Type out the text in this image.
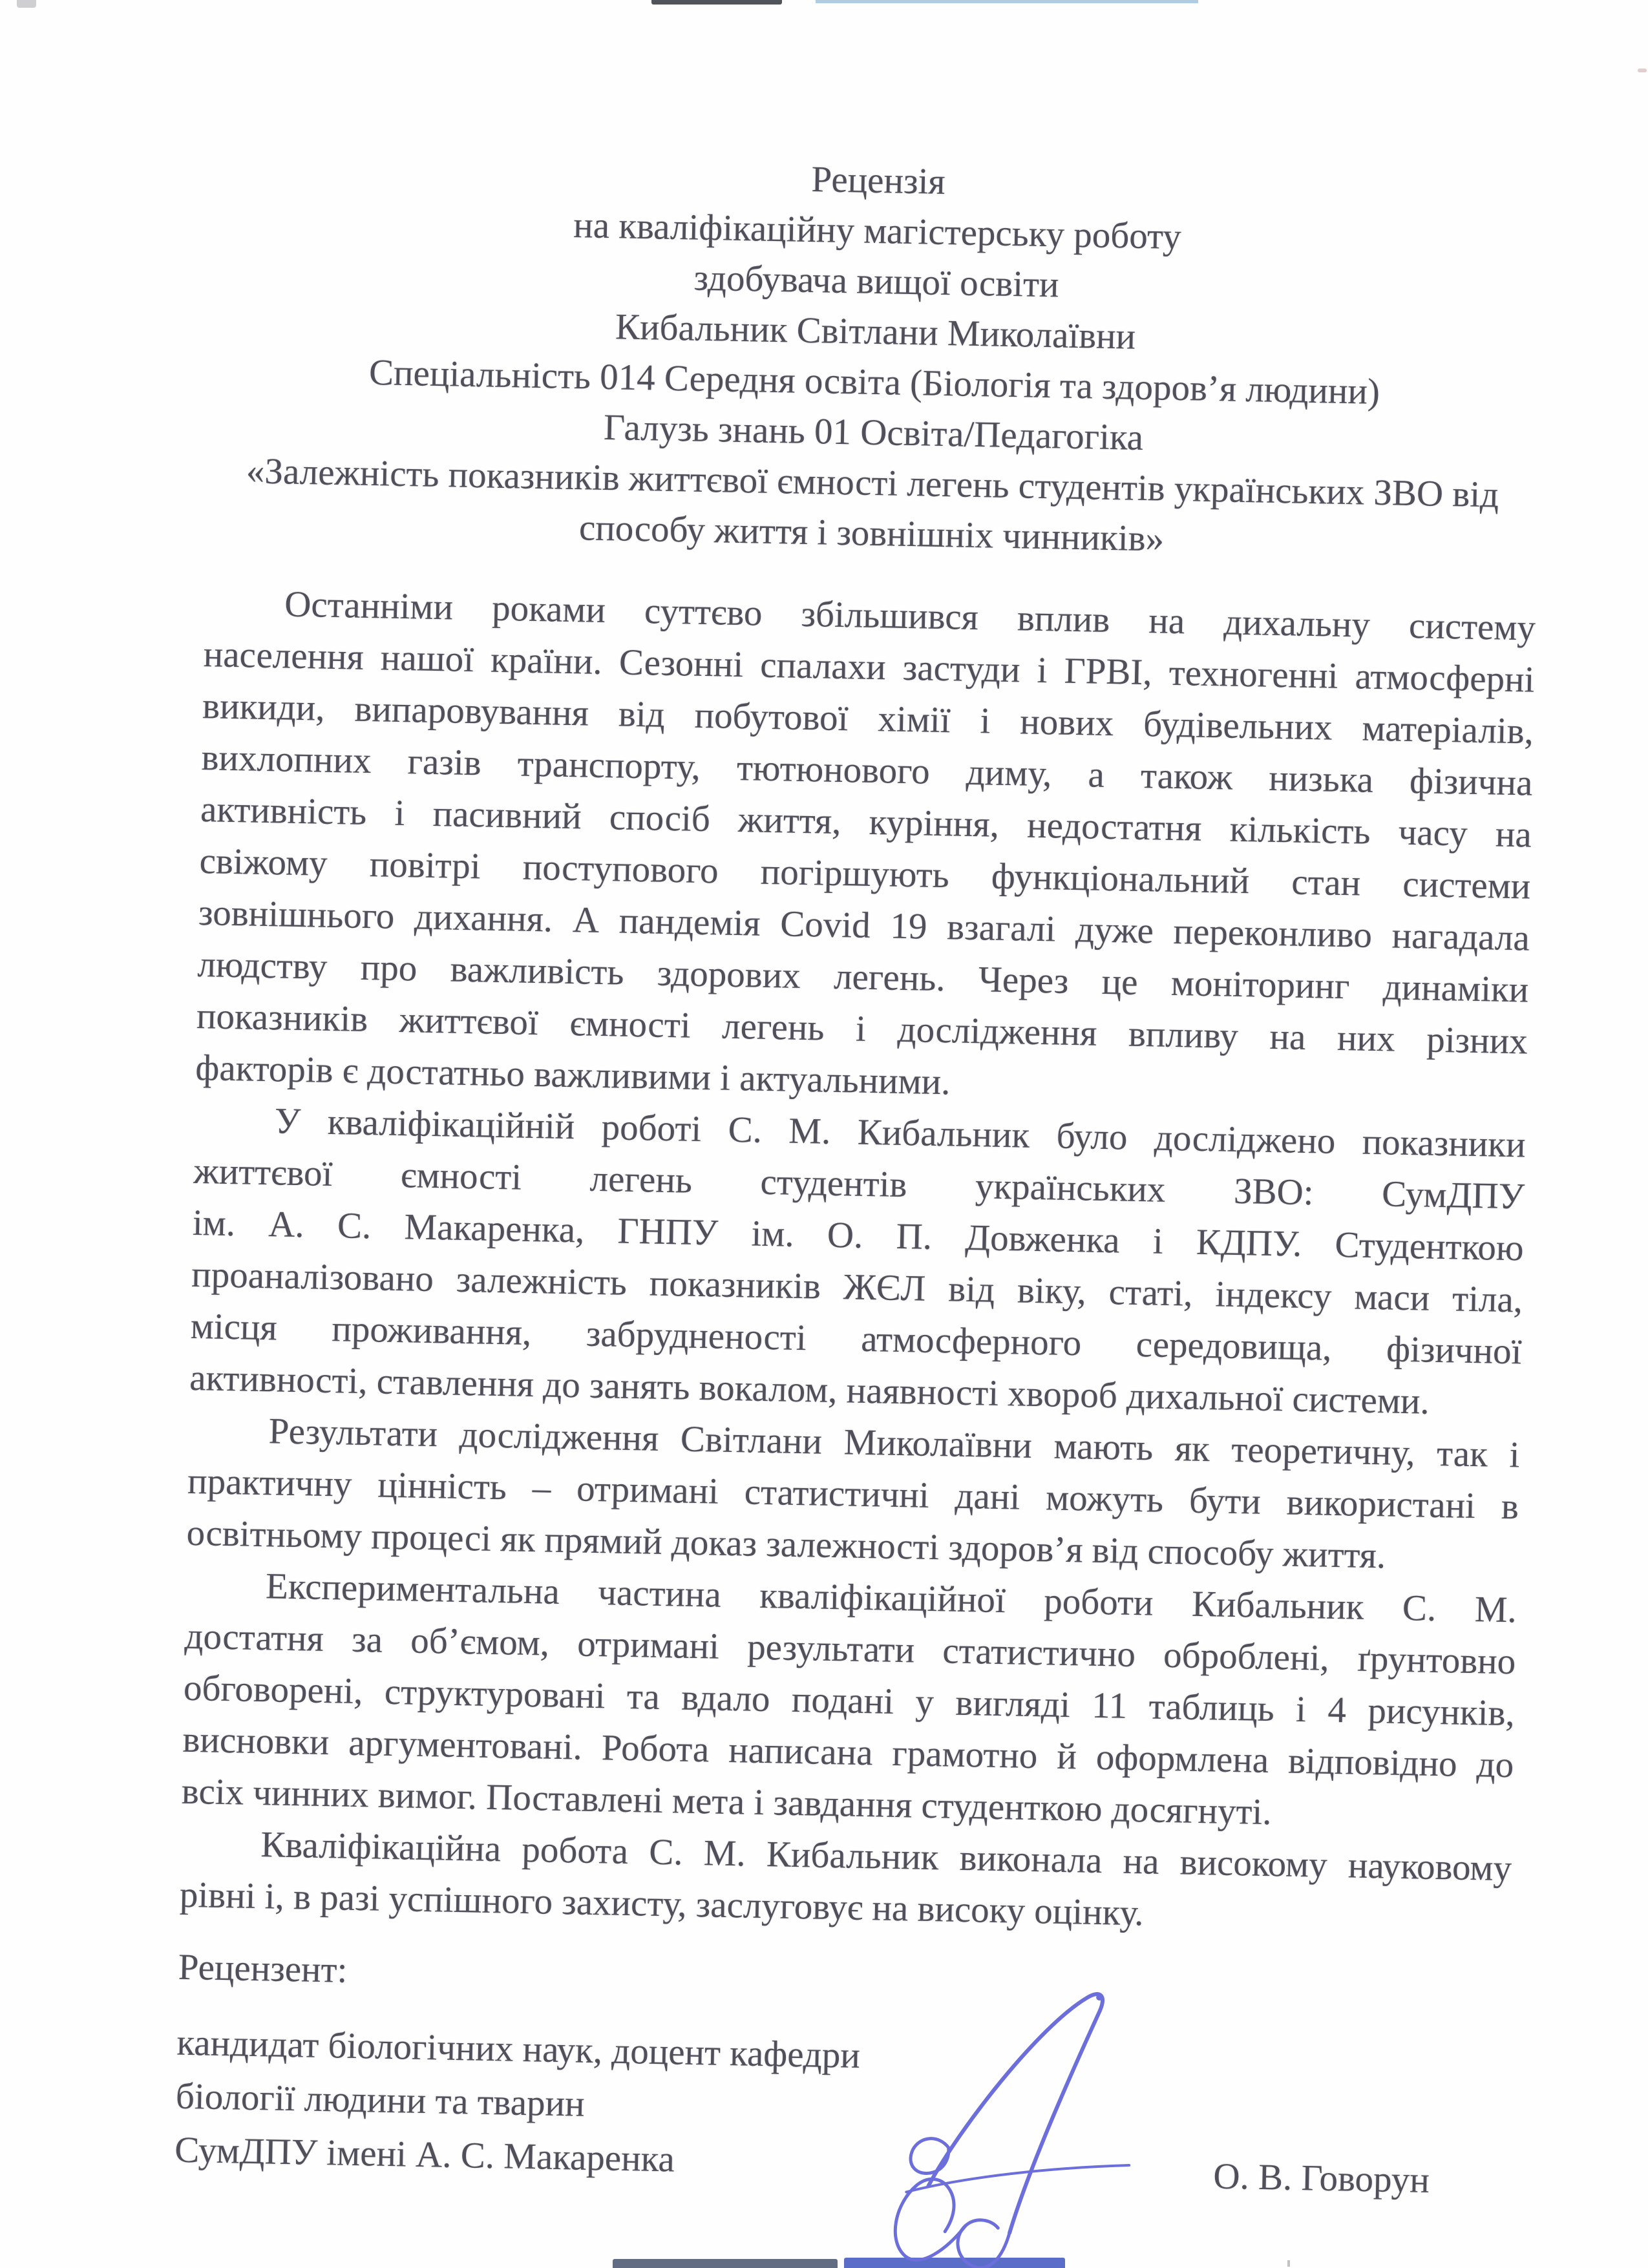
Рецензія
на кваліфікаційну магістерську роботу
здобувача вищої освіти
Кибальник Світлани Миколаївни
Спеціальність 014 Середня освіта (Біологія та здоров’я людини)
Галузь знань 01 Освіта/Педагогіка
«Залежність показників життєвої ємності легень студентів українських ЗВО від
способу життя і зовнішніх чинників»
Останніми роками суттєво збільшився вплив на дихальну систему
населення нашої країни. Сезонні спалахи застуди і ГРВІ, техногенні атмосферні
викиди, випаровування від побутової хімії і нових будівельних матеріалів,
вихлопних газів транспорту, тютюнового диму, а також низька фізична
активність і пасивний спосіб життя, куріння, недостатня кількість часу на
свіжому повітрі поступового погіршують функціональний стан системи
зовнішнього дихання. А пандемія Covid 19 взагалі дуже переконливо нагадала
людству про важливість здорових легень. Через це моніторинг динаміки
показників життєвої ємності легень і дослідження впливу на них різних
факторів є достатньо важливими і актуальними.
У кваліфікаційній роботі С. М. Кибальник було досліджено показники
життєвої ємності легень студентів українських ЗВО: СумДПУ
ім. А. С. Макаренка, ГНПУ ім. О. П. Довженка і КДПУ. Студенткою
проаналізовано залежність показників ЖЄЛ від віку, статі, індексу маси тіла,
місця проживання, забрудненості атмосферного середовища, фізичної
активності, ставлення до занять вокалом, наявності хвороб дихальної системи.
Результати дослідження Світлани Миколаївни мають як теоретичну, так і
практичну цінність – отримані статистичні дані можуть бути використані в
освітньому процесі як прямий доказ залежності здоров’я від способу життя.
Експериментальна частина кваліфікаційної роботи Кибальник С. М.
достатня за об’ємом, отримані результати статистично оброблені, ґрунтовно
обговорені, структуровані та вдало подані у вигляді 11 таблиць і 4 рисунків,
висновки аргументовані. Робота написана грамотно й оформлена відповідно до
всіх чинних вимог. Поставлені мета і завдання студенткою досягнуті.
Кваліфікаційна робота С. М. Кибальник виконала на високому науковому
рівні і, в разі успішного захисту, заслуговує на високу оцінку.
Рецензент:
кандидат біологічних наук, доцент кафедри
біології людини та тварин
СумДПУ імені А. С. Макаренка	О. В. Говорун
